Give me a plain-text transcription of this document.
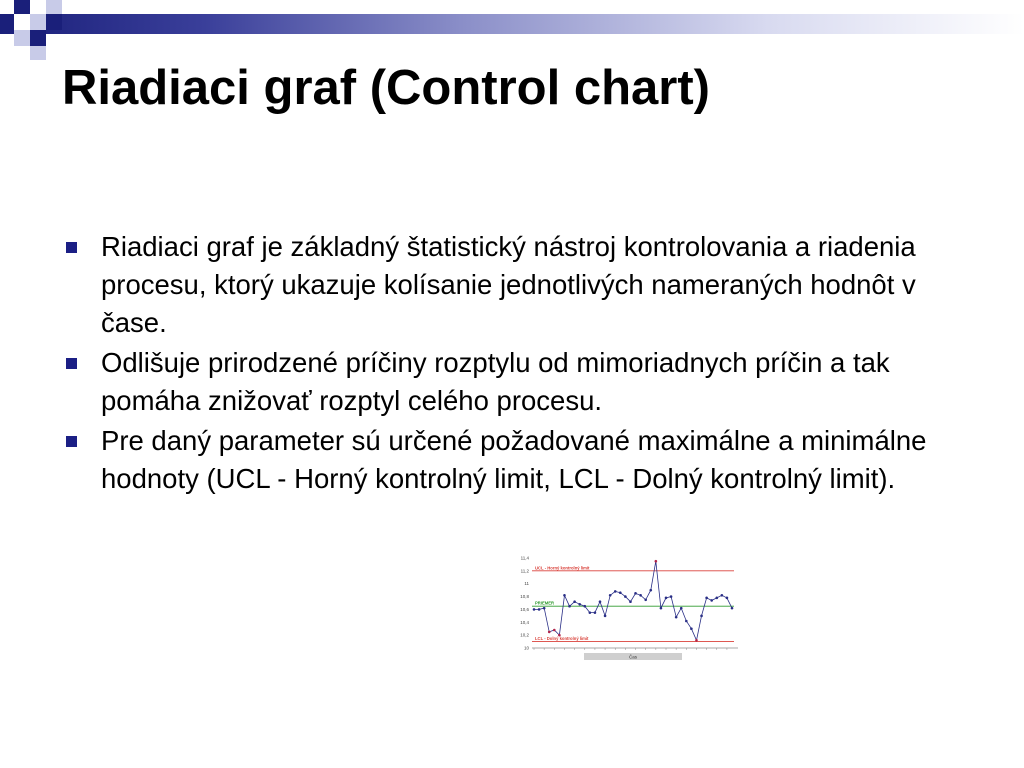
Riadiaci graf (Control chart)
Riadiaci graf je základný štatistický nástroj kontrolovania a riadenia procesu, ktorý ukazuje kolísanie jednotlivých nameraných hodnôt v čase.
Odlišuje prirodzené príčiny rozptylu od mimoriadnych príčin a tak pomáha znižovať rozptyl celého procesu.
Pre daný parameter sú určené požadované maximálne a minimálne hodnoty (UCL - Horný kontrolný limit, LCL - Dolný kontrolný limit).
10
10,2
10,4
10,6
10,8
11
11,2
11,4
UCL - Horný kontrolný limit
PRIEMER
LCL - Dolný kontrolný limit
Čas
